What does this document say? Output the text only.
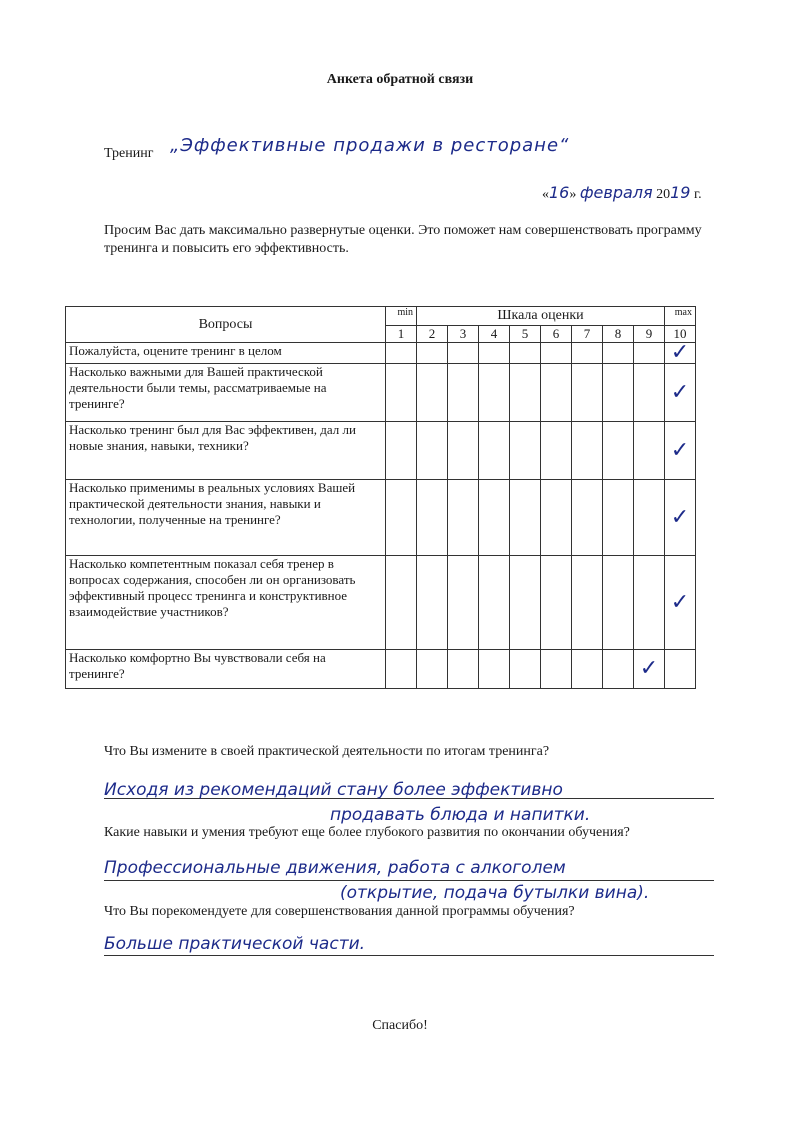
Анкета обратной связи
Тренинг „Эффективные продажи в ресторане“
«16» февраля 2019 г.
Просим Вас дать максимально развернутые оценки. Это поможет нам совершенствовать программу тренинга и повысить его эффективность.
Вопросы	min	Шкала оценки								max
	1	2	3	4	5	6	7	8	9	10
Пожалуйста, оцените тренинг в целом										✓
Насколько важными для Вашей практической деятельности были темы, рассматриваемые на тренинге?										✓
Насколько тренинг был для Вас эффективен, дал ли новые знания, навыки, техники?										✓
Насколько применимы в реальных условиях Вашей практической деятельности знания, навыки и технологии, полученные на тренинге?										✓
Насколько компетентным показал себя тренер в вопросах содержания, способен ли он организовать эффективный процесс тренинга и конструктивное взаимодействие участников?										✓
Насколько комфортно Вы чувствовали себя на тренинге?									✓	
Что Вы измените в своей практической деятельности по итогам тренинга?
Исходя из рекомендаций стану более эффективно
продавать блюда и напитки.
Какие навыки и умения требуют еще более глубокого развития по окончании обучения?
Профессиональные движения, работа с алкоголем
(открытие, подача бутылки вина).
Что Вы порекомендуете для совершенствования данной программы обучения?
Больше практической части.
Спасибо!
